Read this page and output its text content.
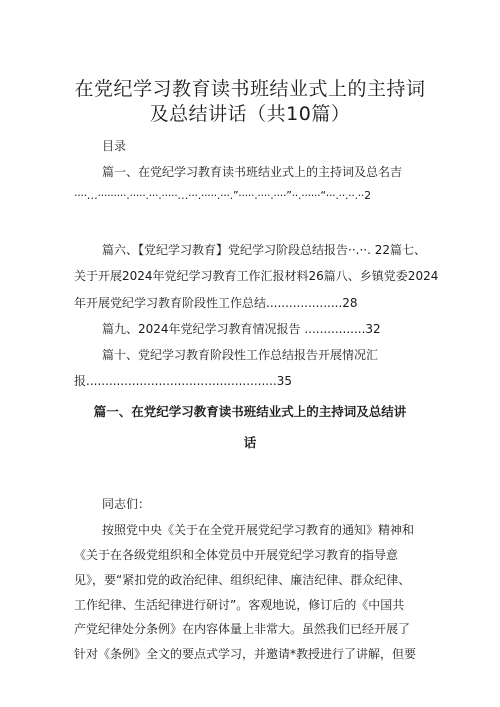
在党纪学习教育读书班结业式上的主持词
及总结讲话（共10篇）
目录
篇一、在党纪学习教育读书班结业式上的主持词及总名吉
····…·········.·····.···.·····…···.·····.···.”·····.····.····”··.······“···.··.··.··2
篇六、【党纪学习教育】党纪学习阶段总结报告··.··. 22篇七、
关于开展2024年党纪学习教育工作汇报材料26篇八、乡镇党委2024
年开展党纪学习教育阶段性工作总结....................28
篇九、2024年党纪学习教育情况报告 ................32
篇十、党纪学习教育阶段性工作总结报告开展情况汇
报..................................................35
篇一、在党纪学习教育读书班结业式上的主持词及总结讲
话
同志们：
按照党中央《关于在全党开展党纪学习教育的通知》精神和
《关于在各级党组织和全体党员中开展党纪学习教育的指导意
见》，要“紧扣党的政治纪律、组织纪律、廉洁纪律、群众纪律、
工作纪律、生活纪律进行研讨”。客观地说，修订后的《中国共
产党纪律处分条例》在内容体量上非常大。虽然我们已经开展了
针对《条例》全文的要点式学习，并邀请*教授进行了讲解，但要
